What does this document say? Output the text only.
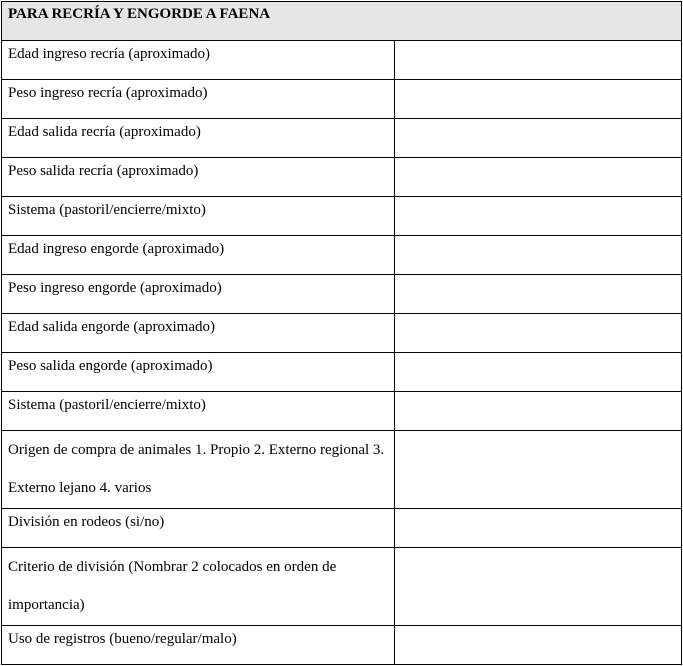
PARA RECRÍA Y ENGORDE A FAENA	
Edad ingreso recría (aproximado)	
Peso ingreso recría (aproximado)	
Edad salida recría (aproximado)	
Peso salida recría (aproximado)	
Sistema (pastoril/encierre/mixto)	
Edad ingreso engorde (aproximado)	
Peso ingreso engorde (aproximado)	
Edad salida engorde (aproximado)	
Peso salida engorde (aproximado)	
Sistema (pastoril/encierre/mixto)	
Origen de compra de animales 1. Propio 2. Externo regional 3. Externo lejano 4. varios	
División en rodeos (si/no)	
Criterio de división (Nombrar 2 colocados en orden de importancia)	
Uso de registros (bueno/regular/malo)	
